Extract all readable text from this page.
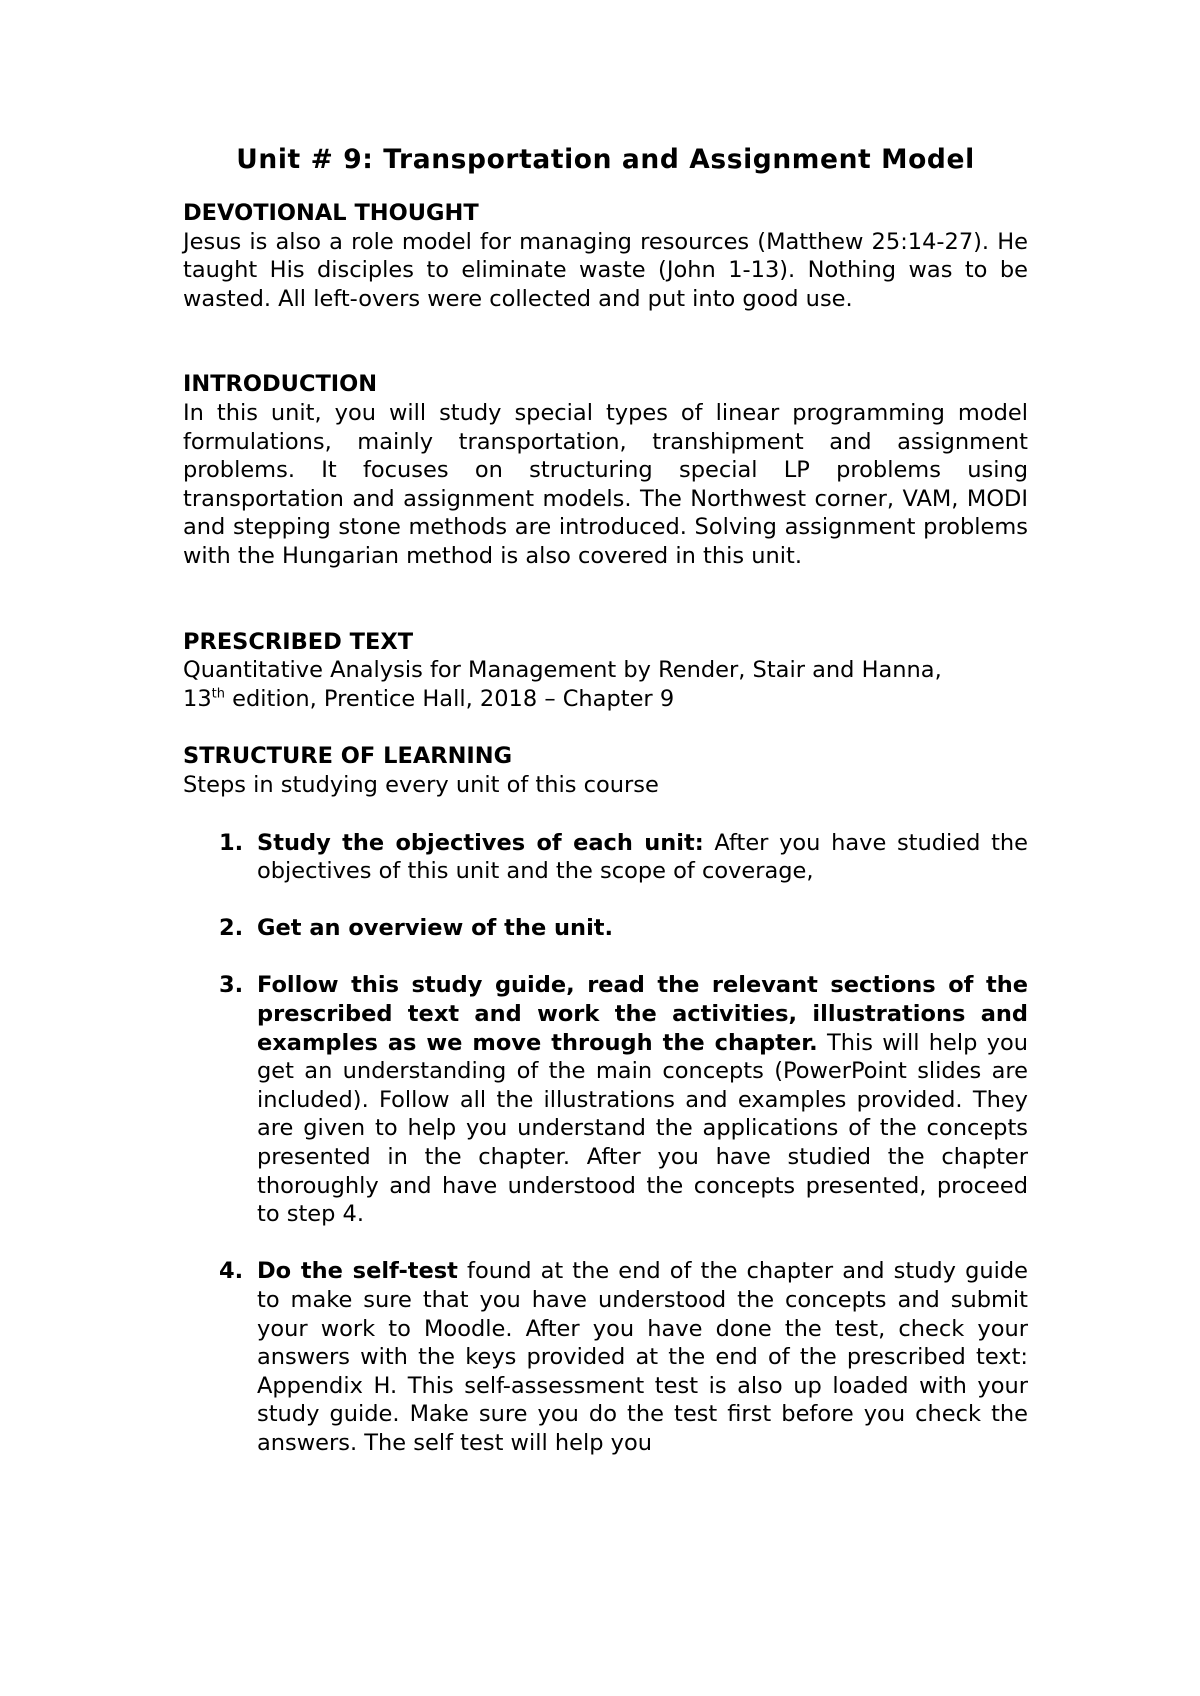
Unit # 9: Transportation and Assignment Model

DEVOTIONAL THOUGHT

Jesus is also a role model for managing resources (Matthew 25:14-27). He taught His disciples to eliminate waste (John 1-13). Nothing was to be wasted. All left-overs were collected and put into good use.

INTRODUCTION

In this unit, you will study special types of linear programming model formulations, mainly transportation, transhipment and assignment problems. It focuses on structuring special LP problems using transportation and assignment models. The Northwest corner, VAM, MODI and stepping stone methods are introduced. Solving assignment problems with the Hungarian method is also covered in this unit.

PRESCRIBED TEXT

Quantitative Analysis for Management by Render, Stair and Hanna,

13th edition, Prentice Hall, 2018 – Chapter 9

STRUCTURE OF LEARNING

Steps in studying every unit of this course

1. Study the objectives of each unit: After you have studied the objectives of this unit and the scope of coverage,
2. Get an overview of the unit.
3. Follow this study guide, read the relevant sections of the prescribed text and work the activities, illustrations and examples as we move through the chapter. This will help you get an understanding of the main concepts (PowerPoint slides are included). Follow all the illustrations and examples provided. They are given to help you understand the applications of the concepts presented in the chapter. After you have studied the chapter thoroughly and have understood the concepts presented, proceed to step 4.
4. Do the self-test found at the end of the chapter and study guide to make sure that you have understood the concepts and submit your work to Moodle. After you have done the test, check your answers with the keys provided at the end of the prescribed text: Appendix H. This self-assessment test is also up loaded with your study guide. Make sure you do the test first before you check the answers. The self test will help you
